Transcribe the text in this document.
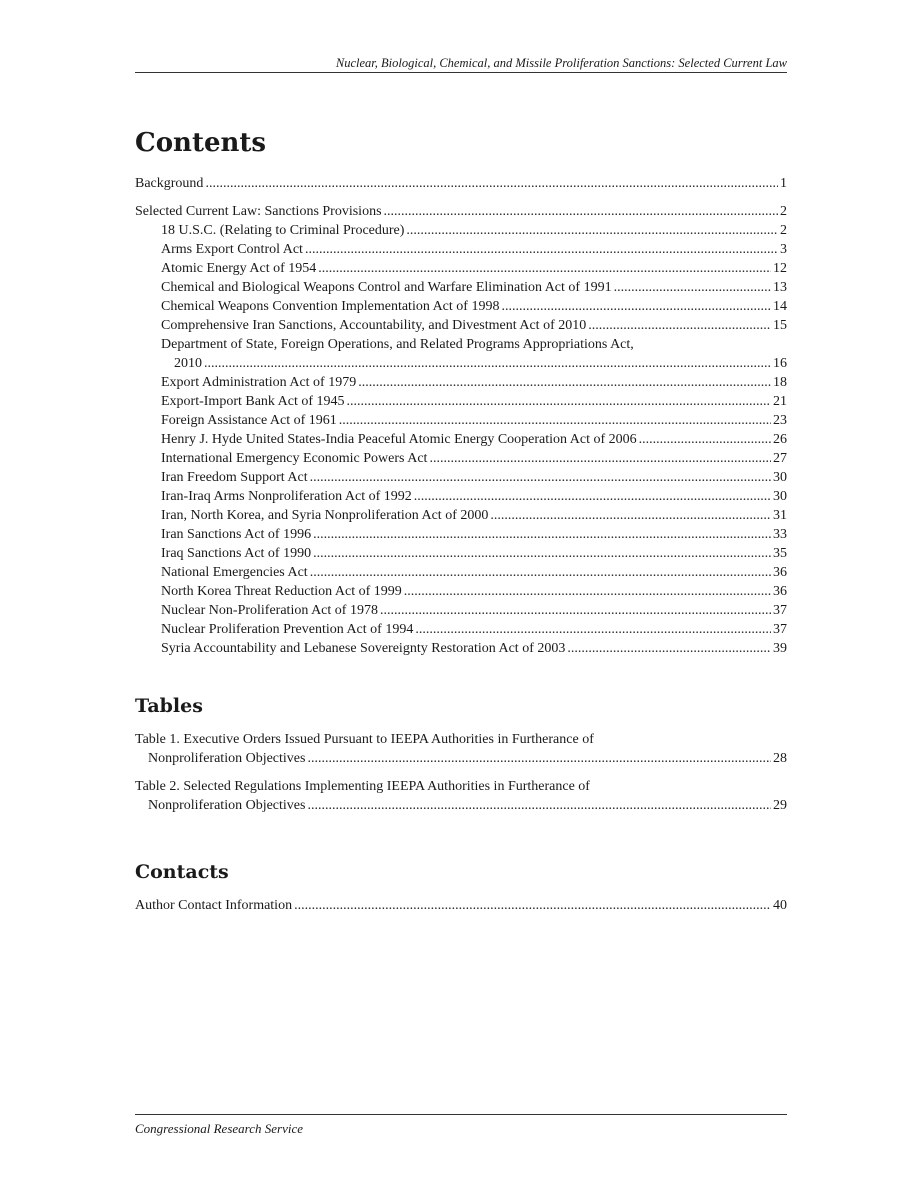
Nuclear, Biological, Chemical, and Missile Proliferation Sanctions: Selected Current Law
Contents
Background .....	1
Selected Current Law: Sanctions Provisions .....	2
18 U.S.C. (Relating to Criminal Procedure) .....	2
Arms Export Control Act .....	3
Atomic Energy Act of 1954 .....	12
Chemical and Biological Weapons Control and Warfare Elimination Act of 1991 .....	13
Chemical Weapons Convention Implementation Act of 1998 .....	14
Comprehensive Iran Sanctions, Accountability, and Divestment Act of 2010 .....	15
Department of State, Foreign Operations, and Related Programs Appropriations Act,
2010 .....	16
Export Administration Act of 1979 .....	18
Export-Import Bank Act of 1945 .....	21
Foreign Assistance Act of 1961 .....	23
Henry J. Hyde United States-India Peaceful Atomic Energy Cooperation Act of 2006 .....	26
International Emergency Economic Powers Act .....	27
Iran Freedom Support Act .....	30
Iran-Iraq Arms Nonproliferation Act of 1992 .....	30
Iran, North Korea, and Syria Nonproliferation Act of 2000 .....	31
Iran Sanctions Act of 1996 .....	33
Iraq Sanctions Act of 1990 .....	35
National Emergencies Act .....	36
North Korea Threat Reduction Act of 1999 .....	36
Nuclear Non-Proliferation Act of 1978 .....	37
Nuclear Proliferation Prevention Act of 1994 .....	37
Syria Accountability and Lebanese Sovereignty Restoration Act of 2003 .....	39
Tables
Table 1. Executive Orders Issued Pursuant to IEEPA Authorities in Furtherance of
Nonproliferation Objectives .....	28
Table 2. Selected Regulations Implementing IEEPA Authorities in Furtherance of
Nonproliferation Objectives .....	29
Contacts
Author Contact Information .....	40
Congressional Research Service
